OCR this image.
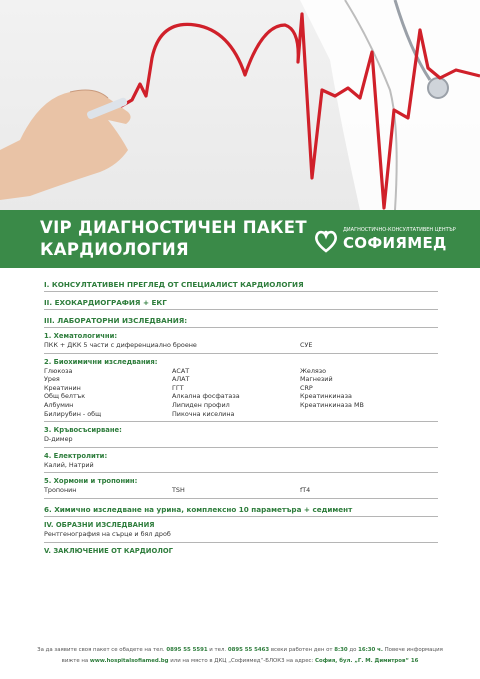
VIP ДИАГНОСТИЧЕН ПАКЕТ
КАРДИОЛОГИЯ
ДИАГНОСТИЧНО-КОНСУЛТАТИВЕН ЦЕНТЪР
СОФИЯМЕД
I. КОНСУЛТАТИВЕН ПРЕГЛЕД ОТ СПЕЦИАЛИСТ КАРДИОЛОГИЯ
II. ЕХОКАРДИОГРАФИЯ + ЕКГ
III. ЛАБОРАТОРНИ ИЗСЛЕДВАНИЯ:
1. Хематологични:
ПКК + ДКК 5 части с диференциално броене	СУЕ
2. Биохимични изследвания:
Глюкоза	АСАТ	Желязо
Урея	АЛАТ	Магнезий
Креатинин	ГГТ	CRP
Общ белтък	Алкална фосфатаза	Креатинкиназа
Албумин	Липиден профил	Креатинкиназа MB
Билирубин - общ	Пикочна киселина
3. Кръвосъсирване:
D-димер
4. Електролити:
Калий, Натрий
5. Хормони и тропонин:
Тропонин	TSH	fT4
6. Химично изследване на урина, комплексно 10 параметъра + седимент
IV. ОБРАЗНИ ИЗСЛЕДВАНИЯ
Рентгенография на сърце и бял дроб
V. ЗАКЛЮЧЕНИЕ ОТ КАРДИОЛОГ
За да заявите своя пакет се обадете на тел. 0895 55 5591 и тел. 0895 55 5463 всеки работен ден от 8:30 до 16:30 ч. Повече информация
вижте на www.hospitalsofiamed.bg или на място в ДКЦ „Софиямед“-БЛОК3 на адрес: София, бул. „Г. М. Димитров“ 16
